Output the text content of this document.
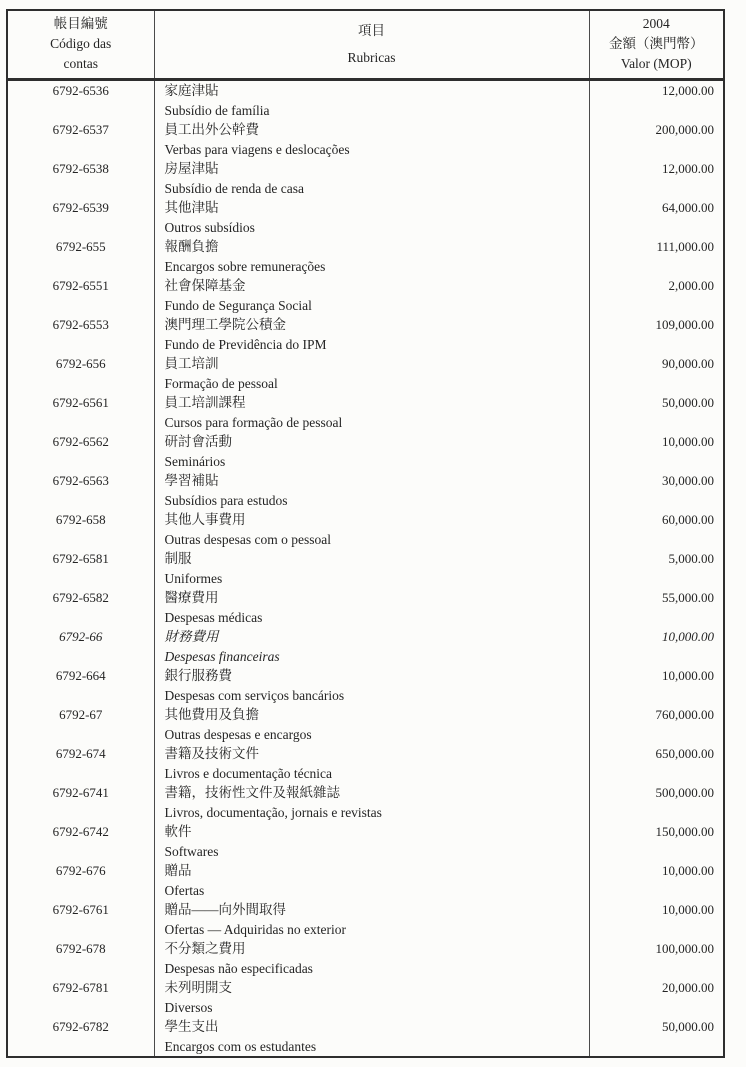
帳目編號
Código das
contas

項目
Rubricas

2004
金額（澳門幣）
Valor (MOP)

6792-6536	家庭津貼	12,000.00
	Subsídio de família	
6792-6537	員工出外公幹費	200,000.00
	Verbas para viagens e deslocações	
6792-6538	房屋津貼	12,000.00
	Subsídio de renda de casa	
6792-6539	其他津貼	64,000.00
	Outros subsídios	
6792-655	報酬負擔	111,000.00
	Encargos sobre remunerações	
6792-6551	社會保障基金	2,000.00
	Fundo de Segurança Social	
6792-6553	澳門理工學院公積金	109,000.00
	Fundo de Previdência do IPM	
6792-656	員工培訓	90,000.00
	Formação de pessoal	
6792-6561	員工培訓課程	50,000.00
	Cursos para formação de pessoal	
6792-6562	研討會活動	10,000.00
	Seminários	
6792-6563	學習補貼	30,000.00
	Subsídios para estudos	
6792-658	其他人事費用	60,000.00
	Outras despesas com o pessoal	
6792-6581	制服	5,000.00
	Uniformes	
6792-6582	醫療費用	55,000.00
	Despesas médicas	
6792-66	財務費用	10,000.00
	Despesas financeiras	
6792-664	銀行服務費	10,000.00
	Despesas com serviços bancários	
6792-67	其他費用及負擔	760,000.00
	Outras despesas e encargos	
6792-674	書籍及技術文件	650,000.00
	Livros e documentação técnica	
6792-6741	書籍，技術性文件及報紙雜誌	500,000.00
	Livros, documentação, jornais e revistas	
6792-6742	軟件	150,000.00
	Softwares	
6792-676	贈品	10,000.00
	Ofertas	
6792-6761	贈品——向外間取得	10,000.00
	Ofertas — Adquiridas no exterior	
6792-678	不分類之費用	100,000.00
	Despesas não especificadas	
6792-6781	未列明開支	20,000.00
	Diversos	
6792-6782	學生支出	50,000.00
	Encargos com os estudantes	
